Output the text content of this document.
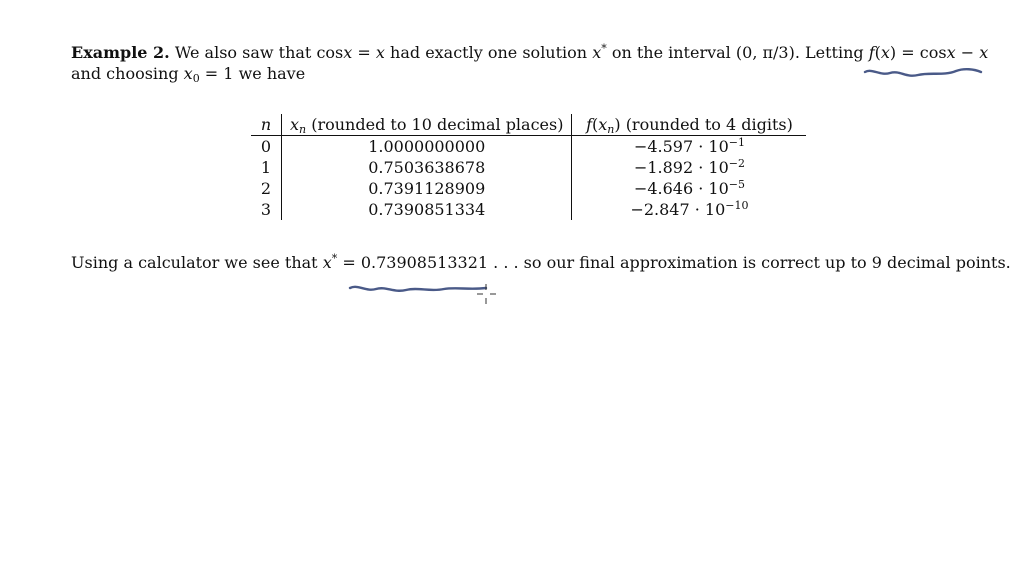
Example 2. We also saw that cosx = x had exactly one solution x* on the interval (0, π/3). Letting f(x) = cosx − x
and choosing $x_0 = 1$ we have
n	$x_n$ (rounded to 10 decimal places)	$f(x_n)$ (rounded to 4 digits)
0	1.0000000000	$-4.597 \cdot 10^{-1}$
1	0.7503638678	$-1.892 \cdot 10^{-2}$
2	0.7391128909	$-4.646 \cdot 10^{-5}$
3	0.7390851334	$-2.847 \cdot 10^{-10}$
Using a calculator we see that x* = 0.73908513321 . . . so our final approximation is correct up to 9 decimal points.
